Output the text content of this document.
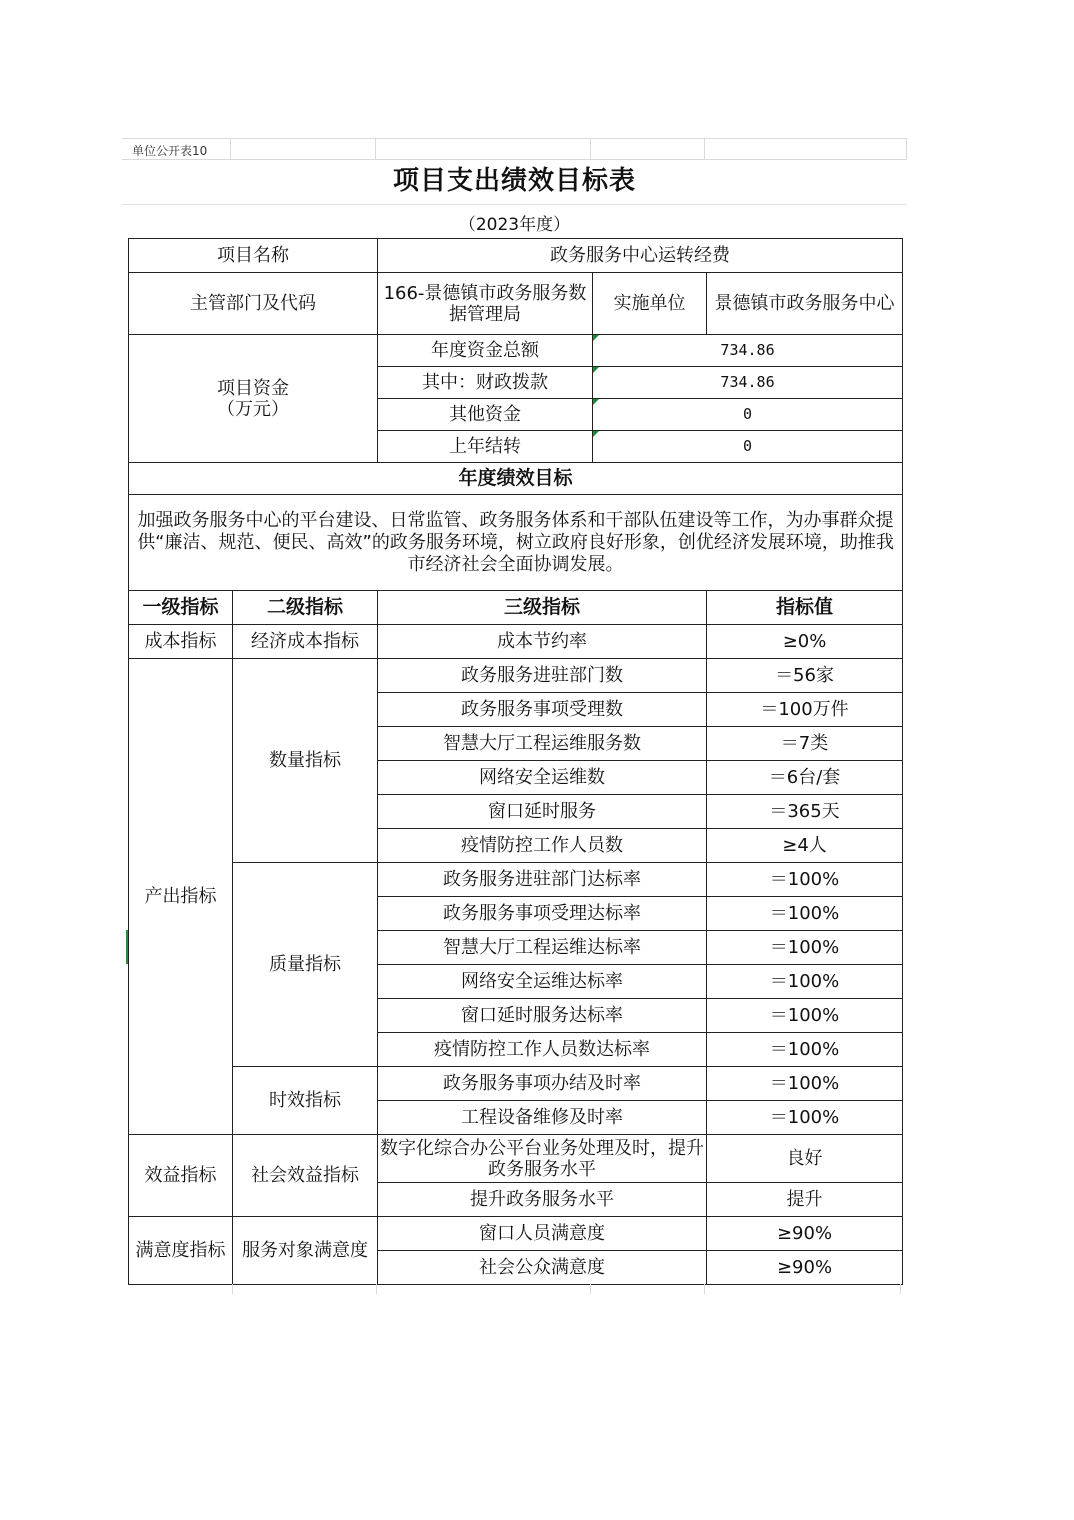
单位公开表10
项目支出绩效目标表
（2023年度）
项目名称		政务服务中心运转经费		
主管部门及代码		166-景德镇市政务服务数据管理局	实施单位	景德镇市政务服务中心
项目资金
（万元）		年度资金总额	734.86	
		其中：财政拨款	734.86	
		其他资金	0	
		上年结转	0	
年度绩效目标				
加强政务服务中心的平台建设、日常监管、政务服务体系和干部队伍建设等工作，为办事群众提供“廉洁、规范、便民、高效”的政务服务环境，树立政府良好形象，创优经济发展环境，助推我市经济社会全面协调发展。				
一级指标	二级指标	三级指标		指标值
成本指标	经济成本指标	成本节约率		≥0%
产出指标	数量指标	政务服务进驻部门数		＝56家
		政务服务事项受理数		＝100万件
		智慧大厅工程运维服务数		＝7类
		网络安全运维数		＝6台/套
		窗口延时服务		＝365天
		疫情防控工作人员数		≥4人
	质量指标	政务服务进驻部门达标率		＝100%
		政务服务事项受理达标率		＝100%
		智慧大厅工程运维达标率		＝100%
		网络安全运维达标率		＝100%
		窗口延时服务达标率		＝100%
		疫情防控工作人员数达标率		＝100%
	时效指标	政务服务事项办结及时率		＝100%
		工程设备维修及时率		＝100%
效益指标	社会效益指标	数字化综合办公平台业务处理及时，提升政务服务水平		良好
		提升政务服务水平		提升
满意度指标	服务对象满意度	窗口人员满意度		≥90%
		社会公众满意度		≥90%
